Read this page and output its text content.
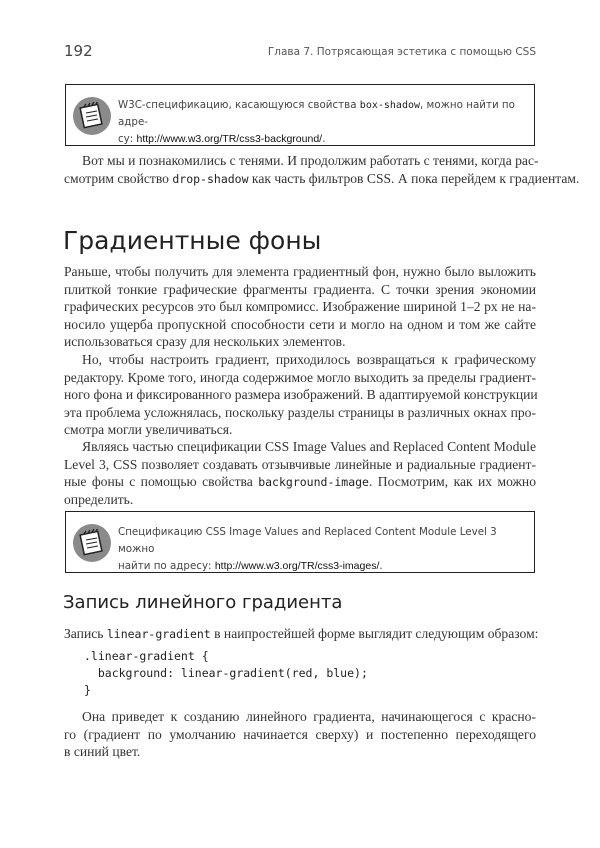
192	Глава 7. Потрясающая эстетика с помощью CSS
W3C-спецификацию, касающуюся свойства box-shadow, можно найти по адре-
су: http://www.w3.org/TR/css3-background/.
Вот мы и познакомились с тенями. И продолжим работать с тенями, когда рас-
смотрим свойство drop-shadow как часть фильтров CSS. А пока перейдем к градиентам.
Градиентные фоны
Раньше, чтобы получить для элемента градиентный фон, нужно было выложить
плиткой тонкие графические фрагменты градиента. С точки зрения экономии
графических ресурсов это был компромисс. Изображение шириной 1–2 px не на-
носило ущерба пропускной способности сети и могло на одном и том же сайте
использоваться сразу для нескольких элементов.
Но, чтобы настроить градиент, приходилось возвращаться к графическому
редактору. Кроме того, иногда содержимое могло выходить за пределы градиент-
ного фона и фиксированного размера изображений. В адаптируемой конструкции
эта проблема усложнялась, поскольку разделы страницы в различных окнах про-
смотра могли увеличиваться.
Являясь частью спецификации CSS Image Values and Replaced Content Module
Level 3, CSS позволяет создавать отзывчивые линейные и радиальные градиент-
ные фоны с помощью свойства background-image. Посмотрим, как их можно
определить.
Спецификацию CSS Image Values and Replaced Content Module Level 3 можно
найти по адресу: http://www.w3.org/TR/css3-images/.
Запись линейного градиента
Запись linear-gradient в наипростейшей форме выглядит следующим образом:
.linear-gradient {
background: linear-gradient(red, blue);
}
Она приведет к созданию линейного градиента, начинающегося с красно-
го (градиент по умолчанию начинается сверху) и постепенно переходящего
в синий цвет.
